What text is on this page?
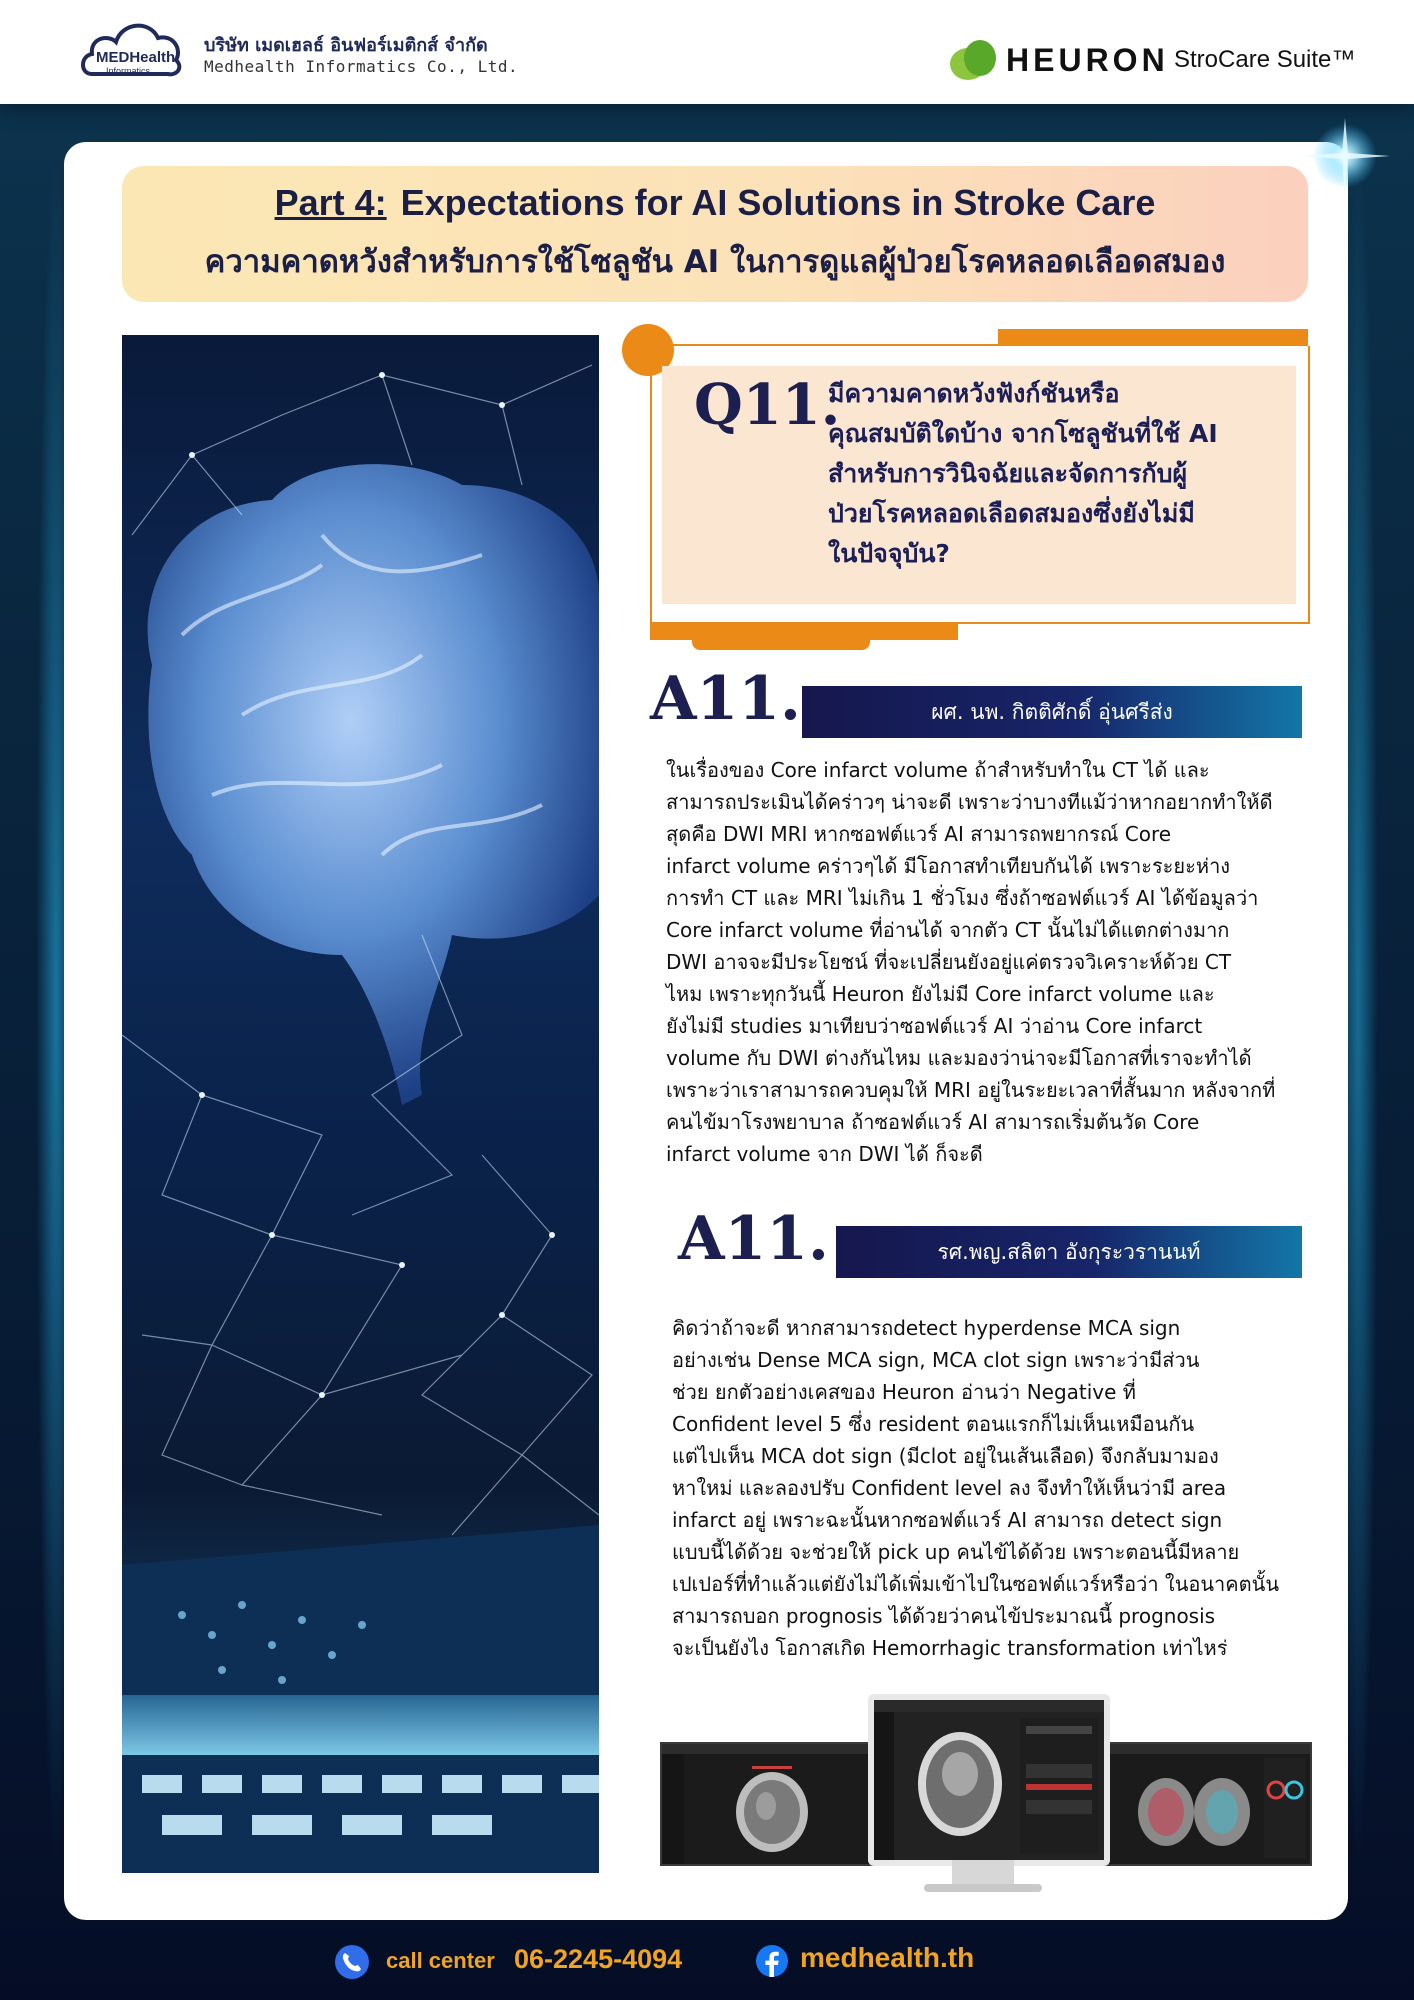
MEDHealth
Informatics
บริษัท เมดเฮลธ์ อินฟอร์เมติกส์ จำกัด
Medhealth Informatics Co., Ltd.	HEURON StroCare Suite™
Part 4: Expectations for AI Solutions in Stroke Care
ความคาดหวังสำหรับการใช้โซลูชัน AI ในการดูแลผู้ป่วยโรคหลอดเลือดสมอง
Q11.
มีความคาดหวังฟังก์ชันหรือ
คุณสมบัติใดบ้าง จากโซลูชันที่ใช้ AI
สำหรับการวินิจฉัยและจัดการกับผู้
ป่วยโรคหลอดเลือดสมองซึ่งยังไม่มี
ในปัจจุบัน?
A11.	ผศ. นพ. กิตติศักดิ์ อุ่นศรีส่ง
ในเรื่องของ Core infarct volume ถ้าสำหรับทำใน CT ได้ และ
สามารถประเมินได้คร่าวๆ น่าจะดี เพราะว่าบางทีแม้ว่าหากอยากทำให้ดี
สุดคือ DWI MRI หากซอฟต์แวร์ AI สามารถพยากรณ์ Core
infarct volume คร่าวๆได้ มีโอกาสทำเทียบกันได้ เพราะระยะห่าง
การทำ CT และ MRI ไม่เกิน 1 ชั่วโมง ซึ่งถ้าซอฟต์แวร์ AI ได้ข้อมูลว่า
Core infarct volume ที่อ่านได้ จากตัว CT นั้นไม่ได้แตกต่างมาก
DWI อาจจะมีประโยชน์ ที่จะเปลี่ยนยังอยู่แค่ตรวจวิเคราะห์ด้วย CT
ไหม เพราะทุกวันนี้ Heuron ยังไม่มี Core infarct volume และ
ยังไม่มี studies มาเทียบว่าซอฟต์แวร์ AI ว่าอ่าน Core infarct
volume กับ DWI ต่างกันไหม และมองว่าน่าจะมีโอกาสที่เราจะทำได้
เพราะว่าเราสามารถควบคุมให้ MRI อยู่ในระยะเวลาที่สั้นมาก หลังจากที่
คนไข้มาโรงพยาบาล ถ้าซอฟต์แวร์ AI สามารถเริ่มต้นวัด Core
infarct volume จาก DWI ได้ ก็จะดี
A11.	รศ.พญ.สลิตา อังกุระวรานนท์
คิดว่าถ้าจะดี หากสามารถdetect hyperdense MCA sign
อย่างเช่น Dense MCA sign, MCA clot sign เพราะว่ามีส่วน
ช่วย ยกตัวอย่างเคสของ Heuron อ่านว่า Negative ที่
Confident level 5 ซึ่ง resident ตอนแรกก็ไม่เห็นเหมือนกัน
แต่ไปเห็น MCA dot sign (มีclot อยู่ในเส้นเลือด) จึงกลับมามอง
หาใหม่ และลองปรับ Confident level ลง จึงทำให้เห็นว่ามี area
infarct อยู่ เพราะฉะนั้นหากซอฟต์แวร์ AI สามารถ detect sign
แบบนี้ได้ด้วย จะช่วยให้ pick up คนไข้ได้ด้วย เพราะตอนนี้มีหลาย
เปเปอร์ที่ทำแล้วแต่ยังไม่ได้เพิ่มเข้าไปในซอฟต์แวร์หรือว่า ในอนาคตนั้น
สามารถบอก prognosis ได้ด้วยว่าคนไข้ประมาณนี้ prognosis
จะเป็นยังไง โอกาสเกิด Hemorrhagic transformation เท่าไหร่
call center 06-2245-4094	medhealth.th
